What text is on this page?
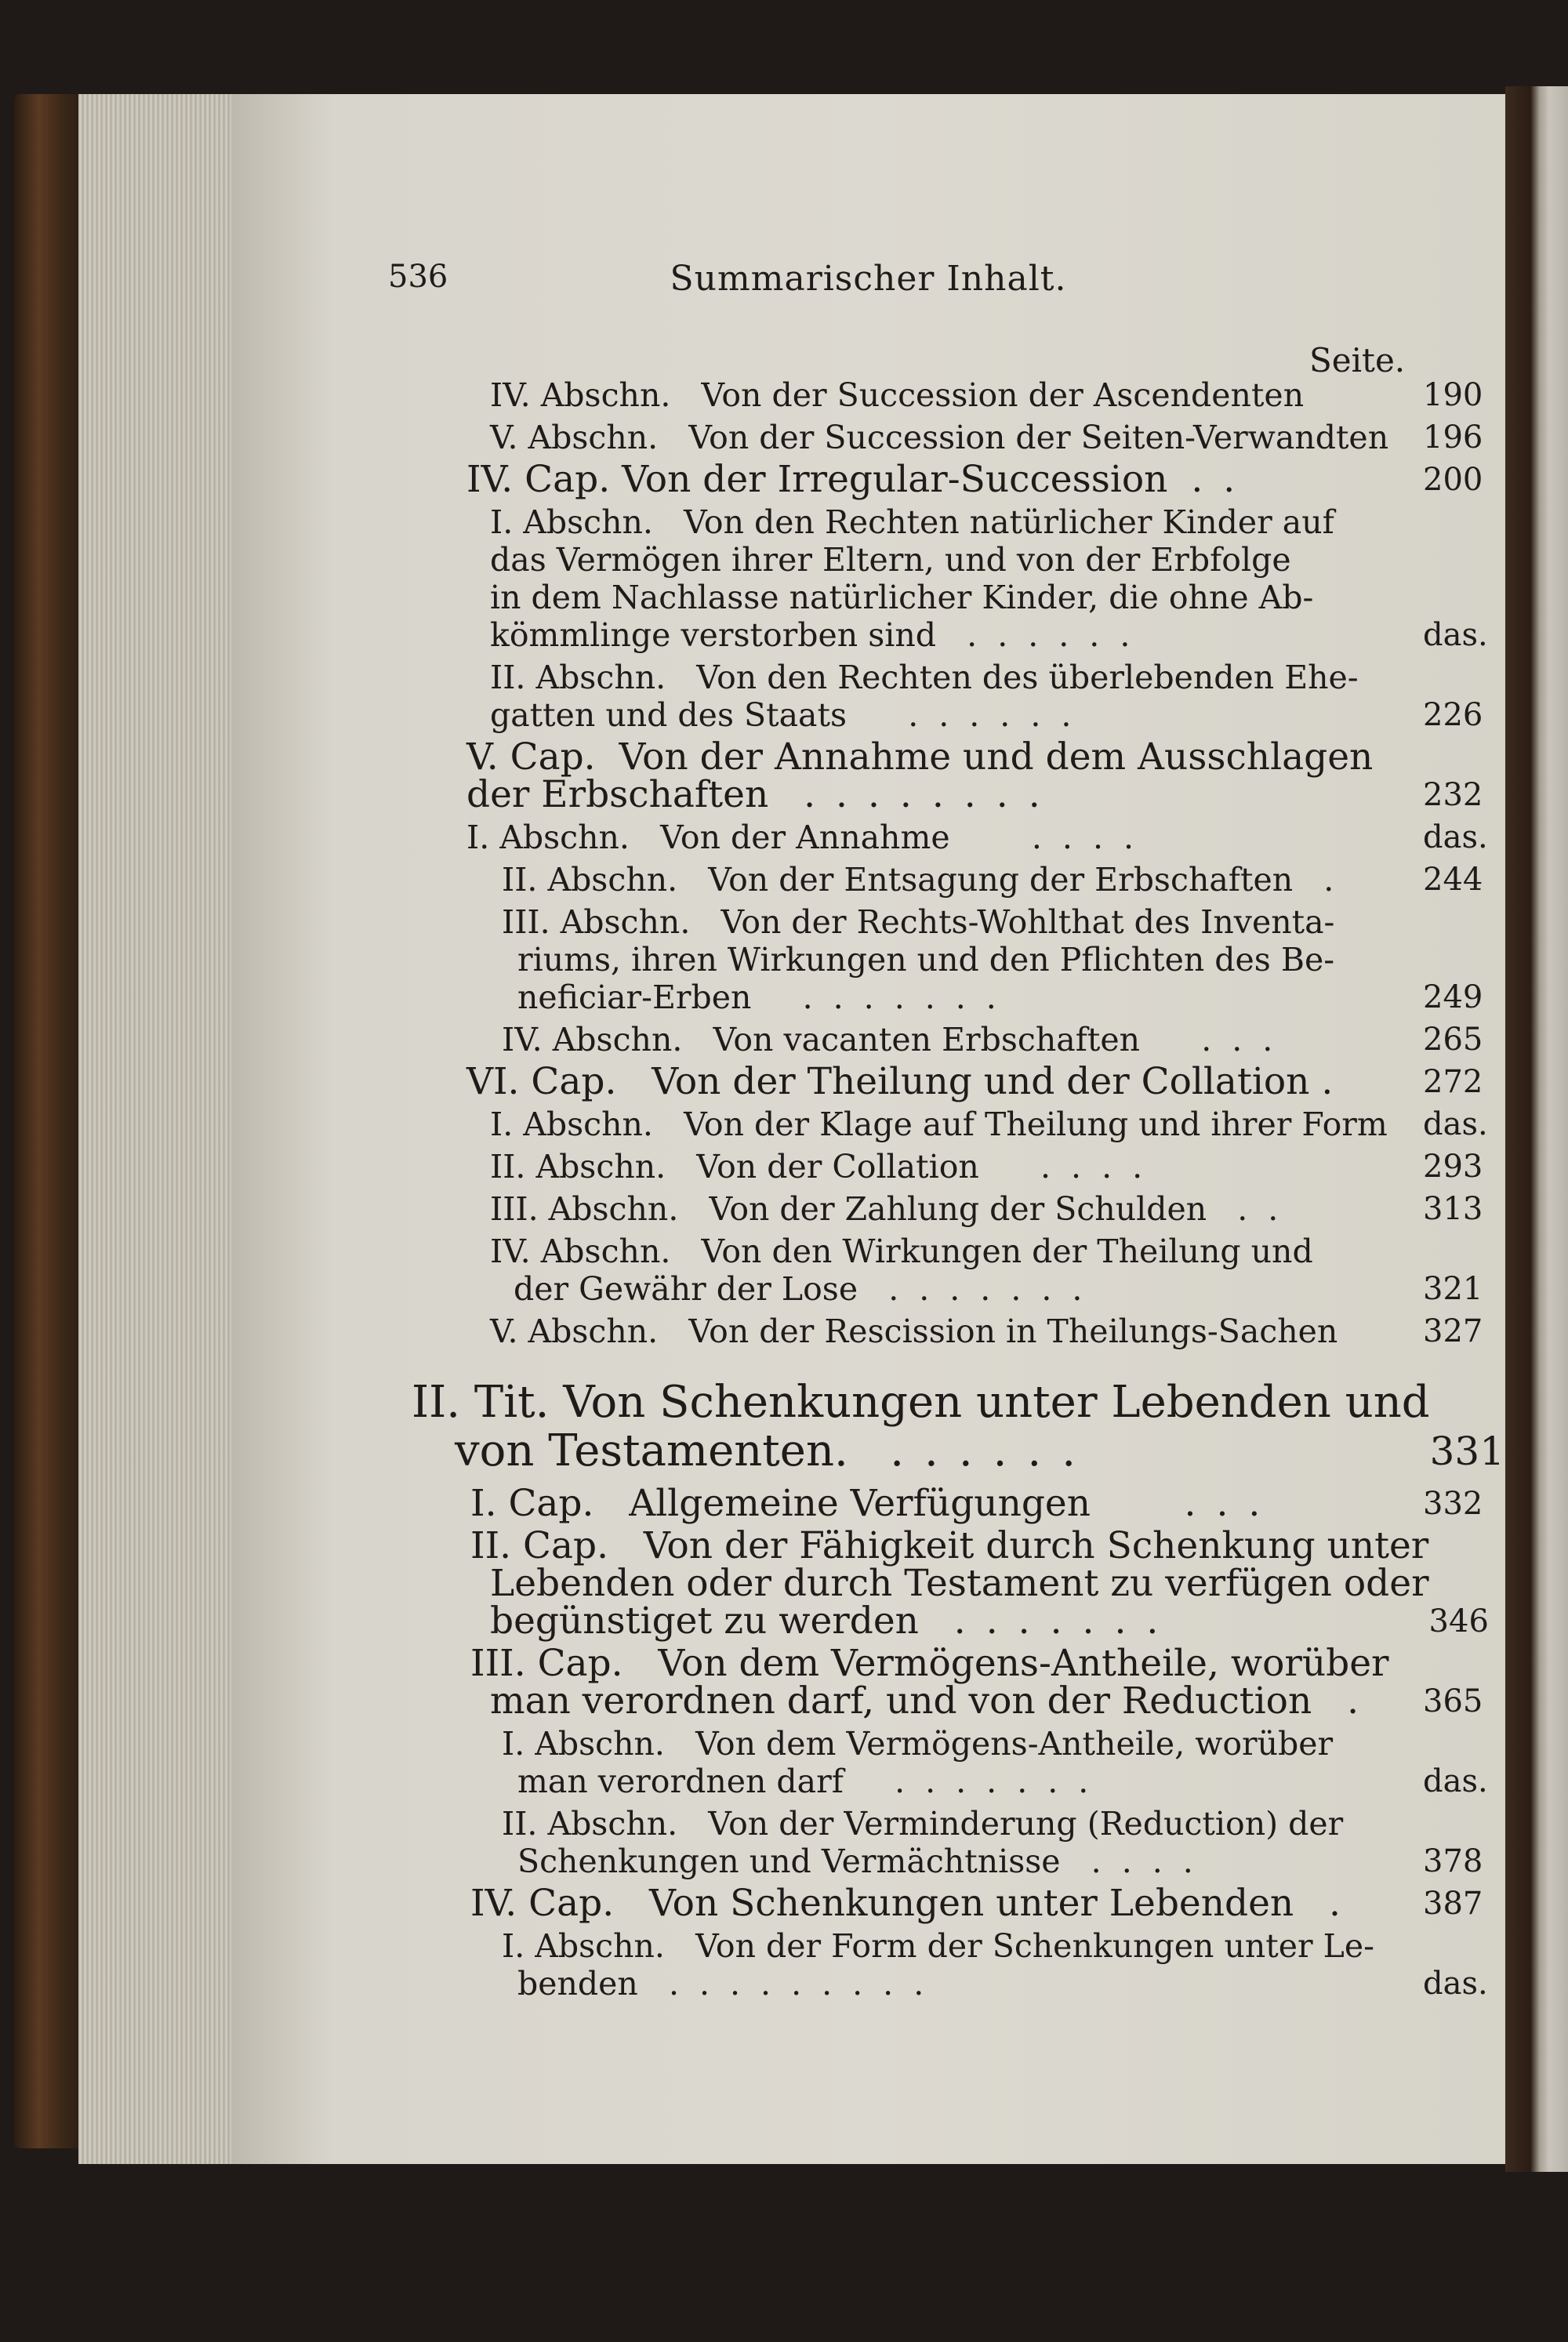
536	Summarischer Inhalt.
Seite.
IV. Abschn. Von der Succession der Ascendenten	190
V. Abschn. Von der Succession der Seiten-Verwandten	196
IV. Cap. Von der Irregular-Succession ..	200
I. Abschn. Von den Rechten natürlicher Kinder auf
das Vermögen ihrer Eltern, und von der Erbfolge
in dem Nachlasse natürlicher Kinder, die ohne Ab-
kömmlinge verstorben sind ......	das.
II. Abschn. Von den Rechten des überlebenden Ehe-
gatten und des Staats ......	226
V. Cap. Von der Annahme und dem Ausschlagen
der Erbschaften ........	232
I. Abschn. Von der Annahme	....	das.
II. Abschn. Von der Entsagung der Erbschaften .	244
III. Abschn. Von der Rechts-Wohlthat des Inventa-
riums, ihren Wirkungen und den Pflichten des Be-
neficiar-Erben .......	249
IV. Abschn. Von vacanten Erbschaften ...	265
VI. Cap. Von der Theilung und der Collation .	272
I. Abschn. Von der Klage auf Theilung und ihrer Form	das.
II. Abschn. Von der Collation ....	293
III. Abschn. Von der Zahlung der Schulden ..	313
IV. Abschn. Von den Wirkungen der Theilung und
der Gewähr der Lose .......	321
V. Abschn. Von der Rescission in Theilungs-Sachen	327
II. Tit. Von Schenkungen unter Lebenden und
von Testamenten. ......	331
I. Cap. Allgemeine Verfügungen	...	332
II. Cap. Von der Fähigkeit durch Schenkung unter
Lebenden oder durch Testament zu verfügen oder
begünstiget zu werden .......	346
III. Cap. Von dem Vermögens-Antheile, worüber
man verordnen darf, und von der Reduction .	365
I. Abschn. Von dem Vermögens-Antheile, worüber
man verordnen darf .......	das.
II. Abschn. Von der Verminderung (Reduction) der
Schenkungen und Vermächtnisse ....	378
IV. Cap. Von Schenkungen unter Lebenden .	387
I. Abschn. Von der Form der Schenkungen unter Le-
benden .........	das.
